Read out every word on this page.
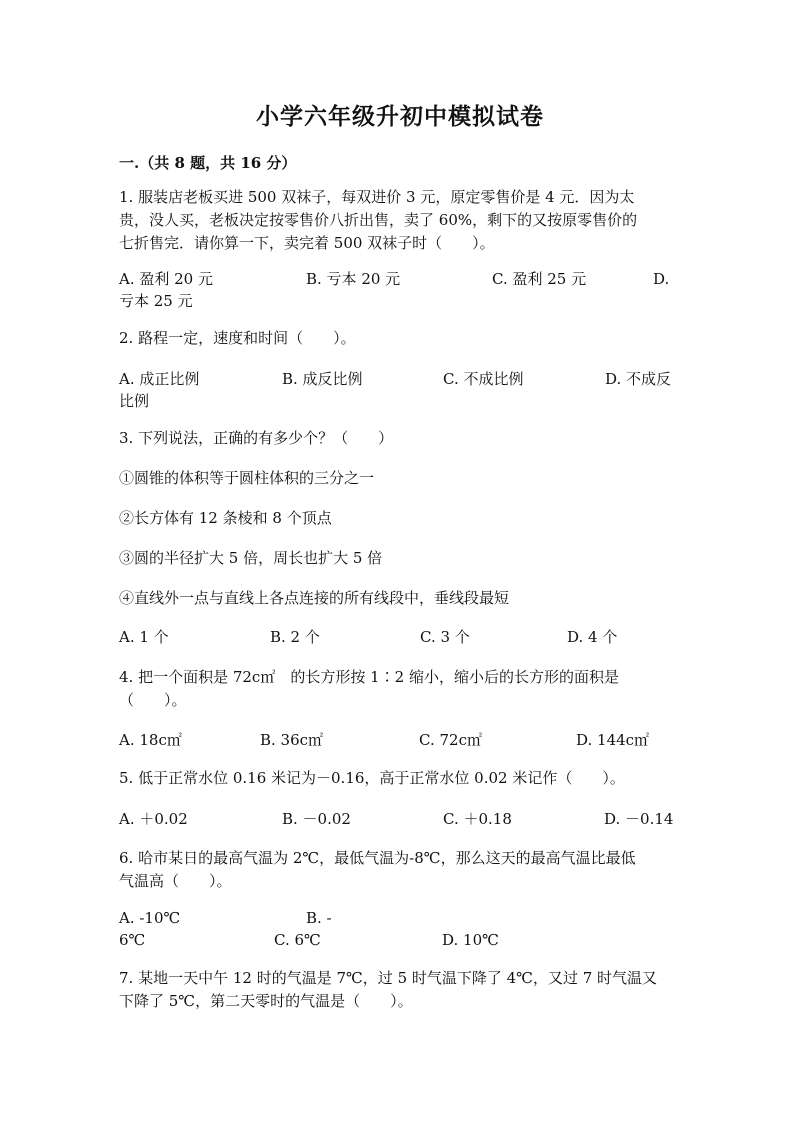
小学六年级升初中模拟试卷
一.（共 8 题，共 16 分）
1. 服装店老板买进 500 双袜子，每双进价 3 元，原定零售价是 4 元．因为太
贵，没人买，老板决定按零售价八折出售，卖了 60%，剩下的又按原零售价的
七折售完．请你算一下，卖完着 500 双袜子时（　　）。
A. 盈利 20 元	B. 亏本 20 元	C. 盈利 25 元	D.
亏本 25 元
2. 路程一定，速度和时间（　　）。
A. 成正比例	B. 成反比例	C. 不成比例	D. 不成反
比例
3. 下列说法，正确的有多少个？（　　）
①圆锥的体积等于圆柱体积的三分之一
②长方体有 12 条棱和 8 个顶点
③圆的半径扩大 5 倍，周长也扩大 5 倍
④直线外一点与直线上各点连接的所有线段中，垂线段最短
A. 1 个	B. 2 个	C. 3 个	D. 4 个
4. 把一个面积是 72c㎡　的长方形按 1∶2 缩小，缩小后的长方形的面积是
（　　）。
A. 18c㎡	B. 36c㎡	C. 72c㎡	D. 144c㎡
5. 低于正常水位 0.16 米记为－0.16，高于正常水位 0.02 米记作（　　）。
A. ＋0.02	B. －0.02	C. ＋0.18	D. －0.14
6. 哈市某日的最高气温为 2℃，最低气温为-8℃，那么这天的最高气温比最低
气温高（　　）。
A. -10℃	B. -
6℃	C. 6℃	D. 10℃
7. 某地一天中午 12 时的气温是 7℃，过 5 时气温下降了 4℃，又过 7 时气温又
下降了 5℃，第二天零时的气温是（　　）。
